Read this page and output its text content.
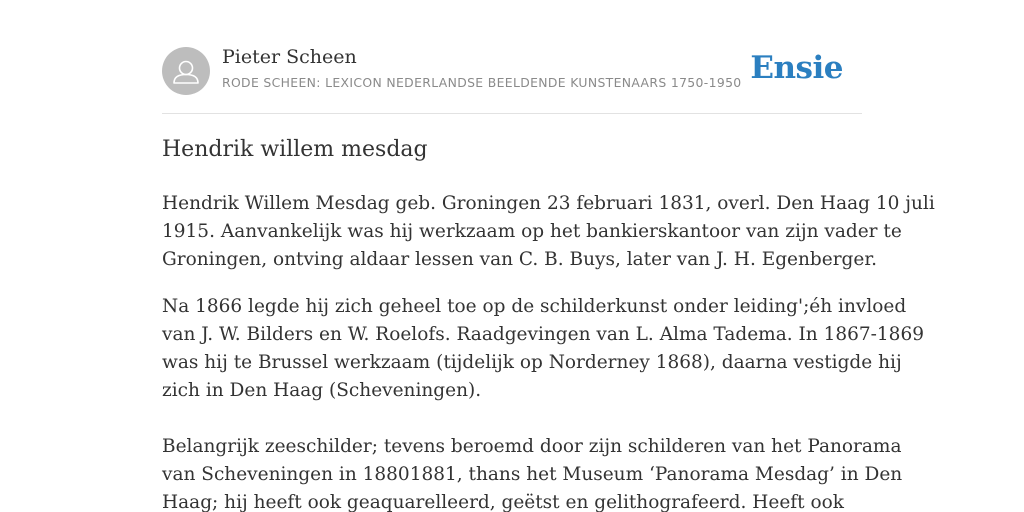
Pieter Scheen
RODE SCHEEN: LEXICON NEDERLANDSE BEELDENDE KUNSTENAARS 1750-1950 Ensie
Hendrik willem mesdag

Hendrik Willem Mesdag geb. Groningen 23 februari 1831, overl. Den Haag 10 juli
1915. Aanvankelijk was hij werkzaam op het bankierskantoor van zijn vader te
Groningen, ontving aldaar lessen van C. B. Buys, later van J. H. Egenberger.

Na 1866 legde hij zich geheel toe op de schilderkunst onder leiding';éh invloed
van J. W. Bilders en W. Roelofs. Raadgevingen van L. Alma Tadema. In 1867-1869
was hij te Brussel werkzaam (tijdelijk op Norderney 1868), daarna vestigde hij
zich in Den Haag (Scheveningen).

Belangrijk zeeschilder; tevens beroemd door zijn schilderen van het Panorama
van Scheveningen in 18801881, thans het Museum ‘Panorama Mesdag’ in Den
Haag; hij heeft ook geaquarelleerd, geëtst en gelithografeerd. Heeft ook
